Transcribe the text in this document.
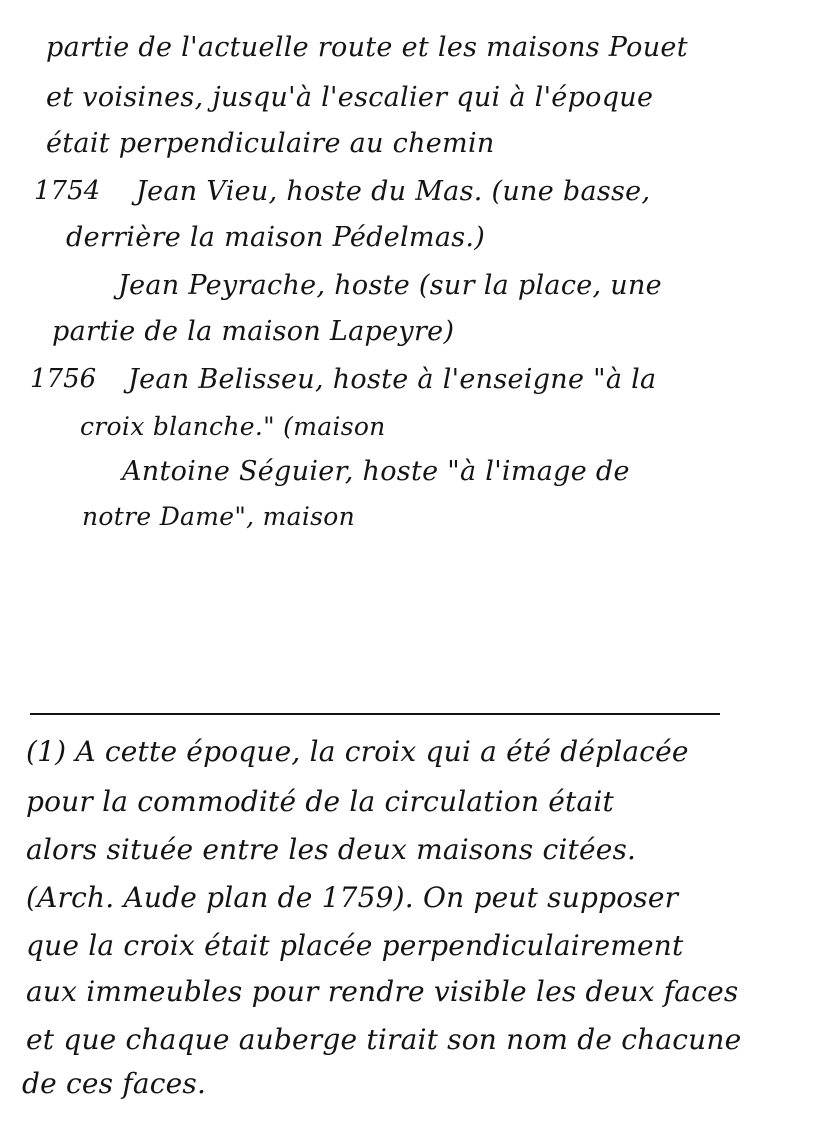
partie de l'actuelle route et les maisons Pouet
et voisines, jusqu'à l'escalier qui à l'époque
était perpendiculaire au chemin
1754 Jean Vieu, hoste du Mas. (une basse,
derrière la maison Pédelmas.)
Jean Peyrache, hoste (sur la place, une
partie de la maison Lapeyre)
1756 Jean Belisseu, hoste à l'enseigne "à la
croix blanche." (maison
Antoine Séguier, hoste "à l'image de
notre Dame", maison
(1) A cette époque, la croix qui a été déplacée
pour la commodité de la circulation était
alors située entre les deux maisons citées.
(Arch. Aude plan de 1759). On peut supposer
que la croix était placée perpendiculairement
aux immeubles pour rendre visible les deux faces
et que chaque auberge tirait son nom de chacune
de ces faces.
